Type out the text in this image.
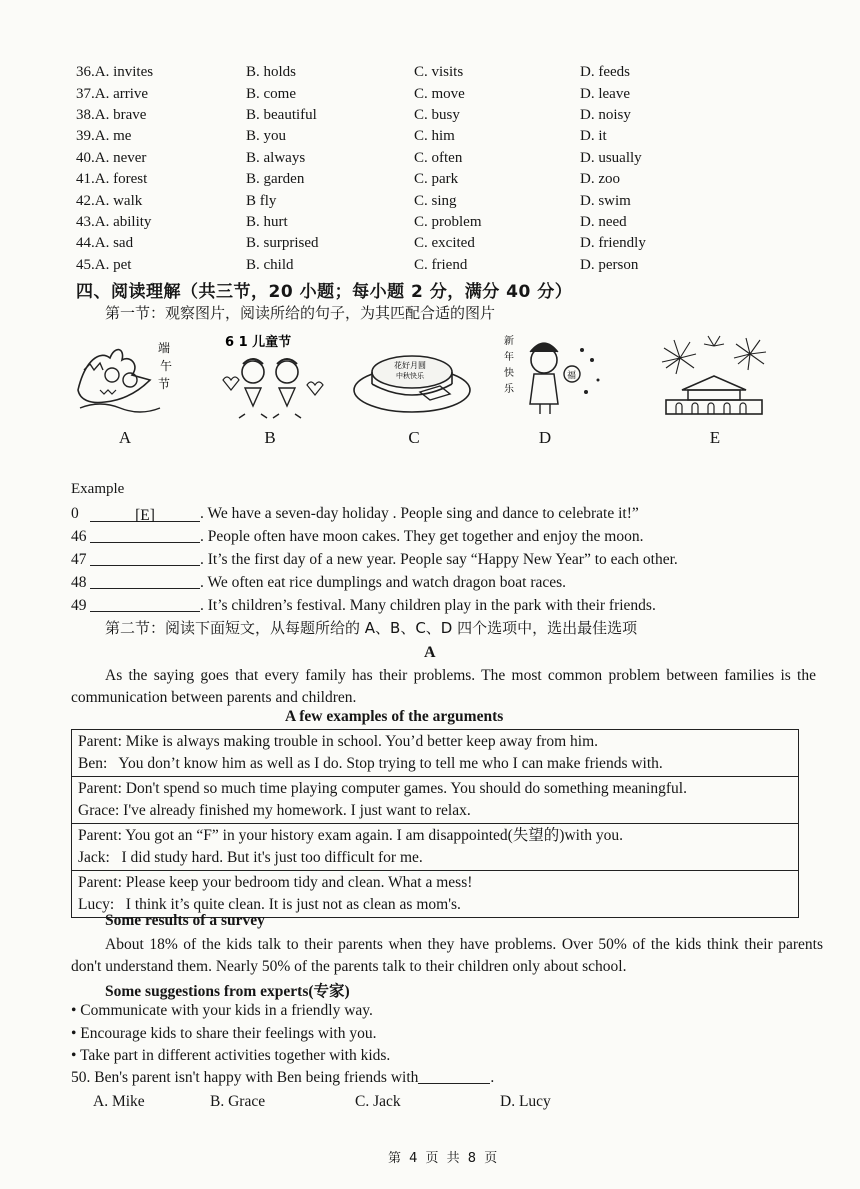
36.A. invites	B. holds	C. visits	D. feeds
37.A. arrive	B. come	C. move	D. leave
38.A. brave	B. beautiful	C. busy	D. noisy
39.A. me	B. you	C. him	D. it
40.A. never	B. always	C. often	D. usually
41.A. forest	B. garden	C. park	D. zoo
42.A. walk	B fly	C. sing	D. swim
43.A. ability	B. hurt	C. problem	D. need
44.A. sad	B. surprised	C. excited	D. friendly
45.A. pet	B. child	C. friend	D. person
四、阅读理解（共三节，20 小题；每小题 2 分，满分 40 分）
第一节：观察图片，阅读所给的句子，为其匹配合适的图片
端
午
节
6 1 儿童节
花好月圆
中秋快乐
新
年
快
乐
福
A	B	C	D	E
Example
0	[E]	. We have a seven-day holiday . People sing and dance to celebrate it!”
46	. People often have moon cakes. They get together and enjoy the moon.
47	. It’s the first day of a new year. People say “Happy New Year” to each other.
48	. We often eat rice dumplings and watch dragon boat races.
49	. It’s children’s festival. Many children play in the park with their friends.
第二节：阅读下面短文，从每题所给的 A、B、C、D 四个选项中，选出最佳选项
A
As the saying goes that every family has their problems. The most common problem between families is the communication between parents and children.
A few examples of the arguments
Parent: Mike is always making trouble in school. You’d better keep away from him.
Ben:   You don’t know him as well as I do. Stop trying to tell me who I can make friends with.
Parent: Don't spend so much time playing computer games. You should do something meaningful.
Grace: I've already finished my homework. I just want to relax.
Parent: You got an “F” in your history exam again. I am disappointed(失望的)with you.
Jack:   I did study hard. But it's just too difficult for me.
Parent: Please keep your bedroom tidy and clean. What a mess!
Lucy:   I think it’s quite clean. It is just not as clean as mom's.
Some results of a survey
About 18% of the kids talk to their parents when they have problems. Over 50% of the kids think their parents don't understand them. Nearly 50% of the parents talk to their children only about school.
Some suggestions from experts(专家)
• Communicate with your kids in a friendly way.
• Encourage kids to share their feelings with you.
• Take part in different activities together with kids.
50. Ben's parent isn't happy with Ben being friends with	.
A. Mike	B. Grace	C. Jack	D. Lucy
第 4 页 共 8 页
